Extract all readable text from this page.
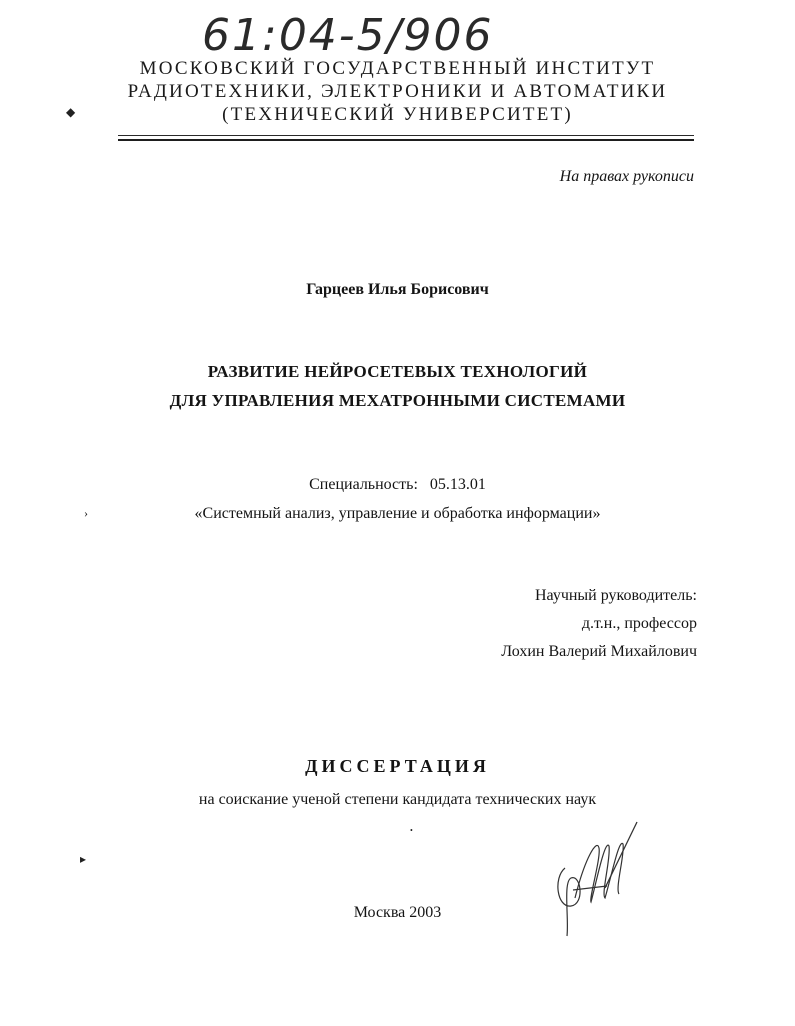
61:04-5/906
МОСКОВСКИЙ ГОСУДАРСТВЕННЫЙ ИНСТИТУТ
РАДИОТЕХНИКИ, ЭЛЕКТРОНИКИ И АВТОМАТИКИ
(ТЕХНИЧЕСКИЙ УНИВЕРСИТЕТ)
◆
›
▸
На правах рукописи
Гарцеев Илья Борисович
РАЗВИТИЕ НЕЙРОСЕТЕВЫХ ТЕХНОЛОГИЙ
ДЛЯ УПРАВЛЕНИЯ МЕХАТРОННЫМИ СИСТЕМАМИ
Специальность: 05.13.01
«Системный анализ, управление и обработка информации»
Научный руководитель:
д.т.н., профессор
Лохин Валерий Михайлович
ДИССЕРТАЦИЯ
на соискание ученой степени кандидата технических наук
•
Москва 2003
